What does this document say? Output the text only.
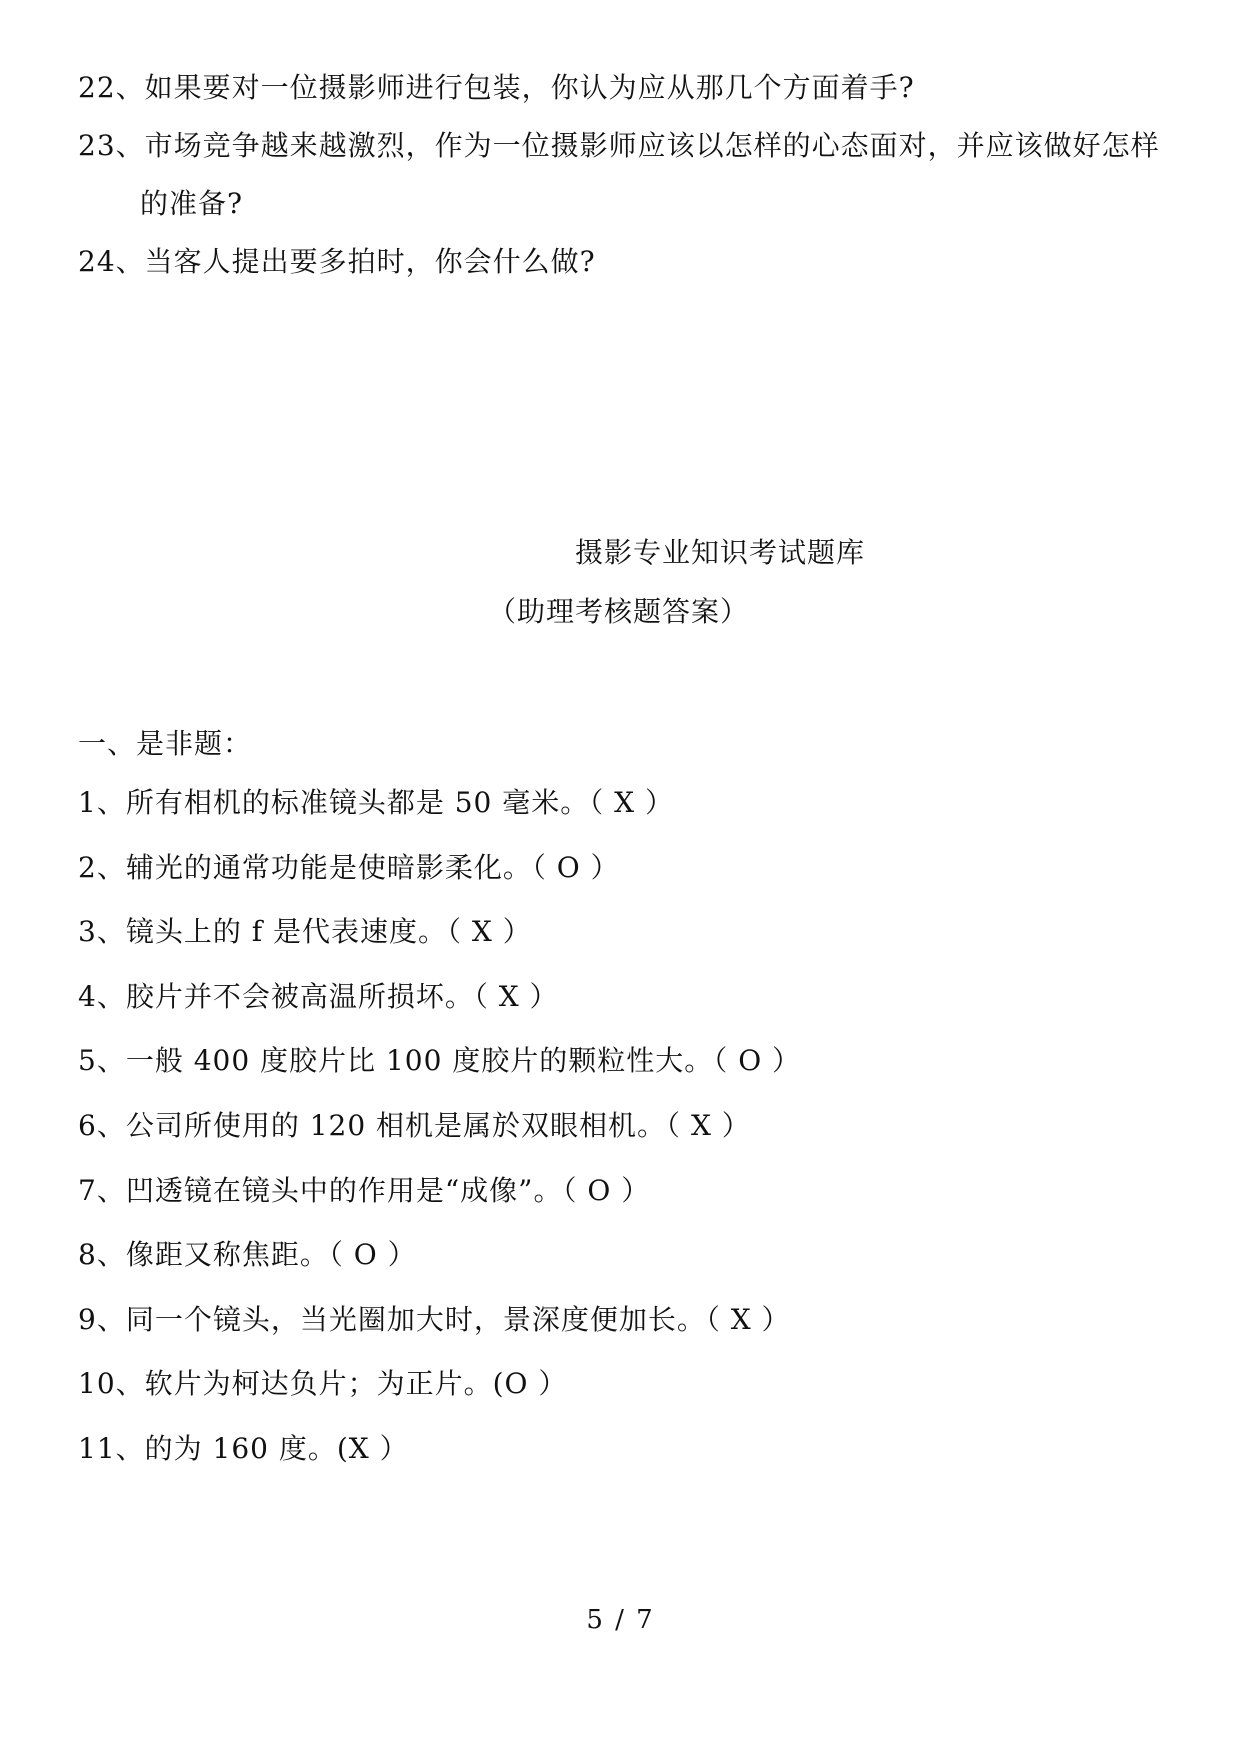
22、如果要对一位摄影师进行包装，你认为应从那几个方面着手?
23、市场竞争越来越激烈，作为一位摄影师应该以怎样的心态面对，并应该做好怎样
的准备?
24、当客人提出要多拍时，你会什么做?
摄影专业知识考试题库
（助理考核题答案）
一、是非题：
1、所有相机的标准镜头都是 50 毫米。（ X ）
2、辅光的通常功能是使暗影柔化。（ O ）
3、镜头上的 f 是代表速度。（ X ）
4、胶片并不会被高温所损坏。（ X ）
5、一般 400 度胶片比 100 度胶片的颗粒性大。（ O ）
6、公司所使用的 120 相机是属於双眼相机。（ X ）
7、凹透镜在镜头中的作用是“成像”。（ O ）
8、像距又称焦距。（ O ）
9、同一个镜头，当光圈加大时，景深度便加长。（ X ）
10、软片为柯达负片；为正片。(O ）
11、的为 160 度。(X ）
5 / 7
